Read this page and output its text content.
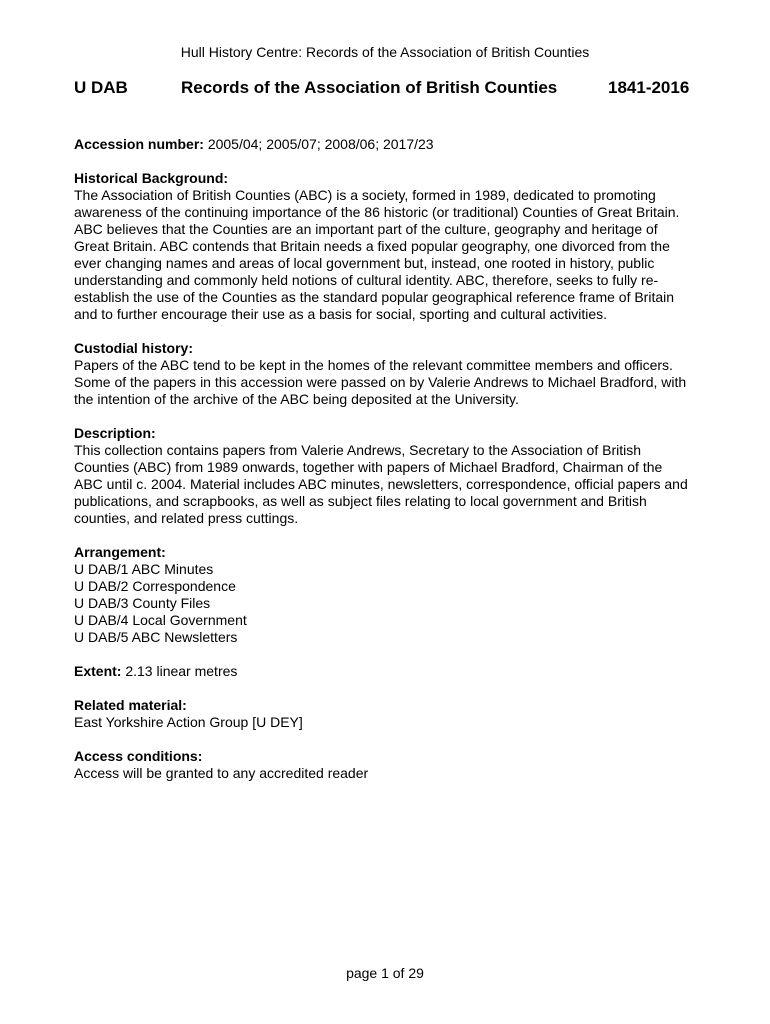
Hull History Centre: Records of the Association of British Counties
U DAB	Records of the Association of British Counties	1841-2016
Accession number: 2005/04; 2005/07; 2008/06; 2017/23
Historical Background:

The Association of British Counties (ABC) is a society, formed in 1989, dedicated to promoting awareness of the continuing importance of the 86 historic (or traditional) Counties of Great Britain. ABC believes that the Counties are an important part of the culture, geography and heritage of Great Britain. ABC contends that Britain needs a fixed popular geography, one divorced from the ever changing names and areas of local government but, instead, one rooted in history, public understanding and commonly held notions of cultural identity. ABC, therefore, seeks to fully re-establish the use of the Counties as the standard popular geographical reference frame of Britain and to further encourage their use as a basis for social, sporting and cultural activities.

Custodial history:

Papers of the ABC tend to be kept in the homes of the relevant committee members and officers. Some of the papers in this accession were passed on by Valerie Andrews to Michael Bradford, with the intention of the archive of the ABC being deposited at the University.

Description:

This collection contains papers from Valerie Andrews, Secretary to the Association of British Counties (ABC) from 1989 onwards, together with papers of Michael Bradford, Chairman of the ABC until c. 2004. Material includes ABC minutes, newsletters, correspondence, official papers and publications, and scrapbooks, as well as subject files relating to local government and British counties, and related press cuttings.

Arrangement:
U DAB/1 ABC Minutes
U DAB/2 Correspondence
U DAB/3 County Files
U DAB/4 Local Government
U DAB/5 ABC Newsletters
Extent: 2.13 linear metres
Related material:

East Yorkshire Action Group [U DEY]

Access conditions:

Access will be granted to any accredited reader

page 1 of 29
